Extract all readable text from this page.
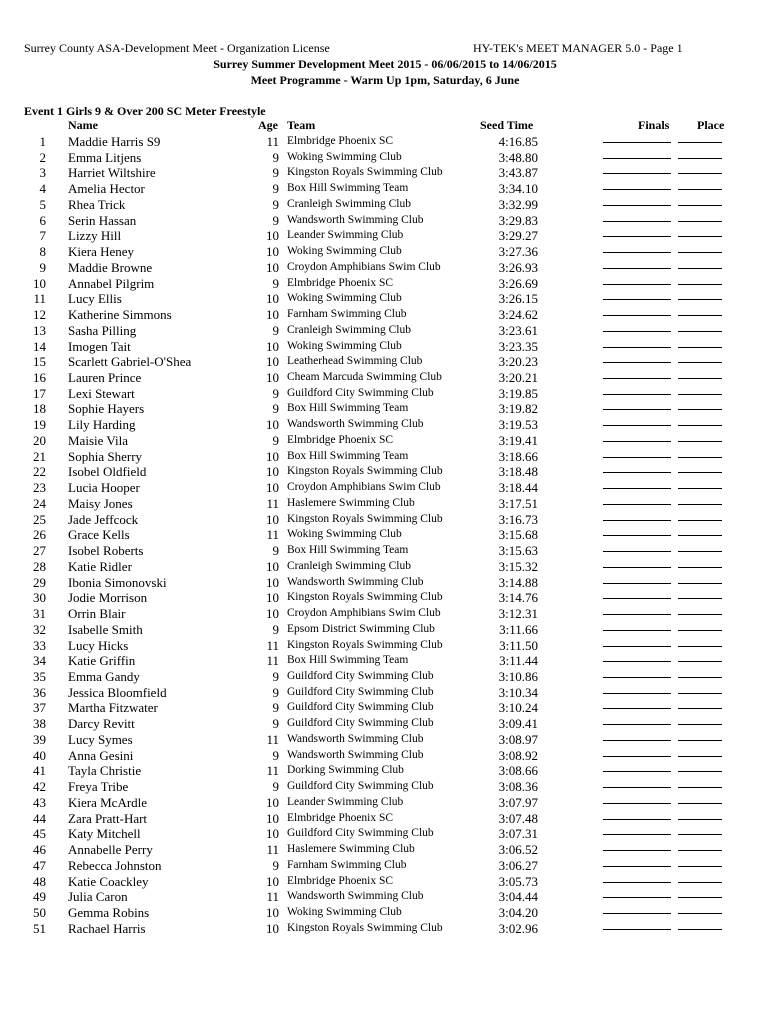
Surrey County ASA-Development Meet - Organization License	HY-TEK's MEET MANAGER 5.0 - Page 1
Surrey Summer Development Meet 2015 - 06/06/2015 to 14/06/2015
Meet Programme - Warm Up 1pm, Saturday, 6 June
Event 1 Girls 9 & Over 200 SC Meter Freestyle
Name	Age Team	Seed Time	Finals Place
1 Maddie Harris S9	11 Elmbridge Phoenix SC	4:16.85
2 Emma Litjens	9 Woking Swimming Club	3:48.80
3 Harriet Wiltshire	9 Kingston Royals Swimming Club	3:43.87
4 Amelia Hector	9 Box Hill Swimming Team	3:34.10
5 Rhea Trick	9 Cranleigh Swimming Club	3:32.99
6 Serin Hassan	9 Wandsworth Swimming Club	3:29.83
7 Lizzy Hill	10 Leander Swimming Club	3:29.27
8 Kiera Heney	10 Woking Swimming Club	3:27.36
9 Maddie Browne	10 Croydon Amphibians Swim Club	3:26.93
10 Annabel Pilgrim	9 Elmbridge Phoenix SC	3:26.69
11 Lucy Ellis	10 Woking Swimming Club	3:26.15
12 Katherine Simmons	10 Farnham Swimming Club	3:24.62
13 Sasha Pilling	9 Cranleigh Swimming Club	3:23.61
14 Imogen Tait	10 Woking Swimming Club	3:23.35
15 Scarlett Gabriel-O'Shea	10 Leatherhead Swimming Club	3:20.23
16 Lauren Prince	10 Cheam Marcuda Swimming Club	3:20.21
17 Lexi Stewart	9 Guildford City Swimming Club	3:19.85
18 Sophie Hayers	9 Box Hill Swimming Team	3:19.82
19 Lily Harding	10 Wandsworth Swimming Club	3:19.53
20 Maisie Vila	9 Elmbridge Phoenix SC	3:19.41
21 Sophia Sherry	10 Box Hill Swimming Team	3:18.66
22 Isobel Oldfield	10 Kingston Royals Swimming Club	3:18.48
23 Lucia Hooper	10 Croydon Amphibians Swim Club	3:18.44
24 Maisy Jones	11 Haslemere Swimming Club	3:17.51
25 Jade Jeffcock	10 Kingston Royals Swimming Club	3:16.73
26 Grace Kells	11 Woking Swimming Club	3:15.68
27 Isobel Roberts	9 Box Hill Swimming Team	3:15.63
28 Katie Ridler	10 Cranleigh Swimming Club	3:15.32
29 Ibonia Simonovski	10 Wandsworth Swimming Club	3:14.88
30 Jodie Morrison	10 Kingston Royals Swimming Club	3:14.76
31 Orrin Blair	10 Croydon Amphibians Swim Club	3:12.31
32 Isabelle Smith	9 Epsom District Swimming Club	3:11.66
33 Lucy Hicks	11 Kingston Royals Swimming Club	3:11.50
34 Katie Griffin	11 Box Hill Swimming Team	3:11.44
35 Emma Gandy	9 Guildford City Swimming Club	3:10.86
36 Jessica Bloomfield	9 Guildford City Swimming Club	3:10.34
37 Martha Fitzwater	9 Guildford City Swimming Club	3:10.24
38 Darcy Revitt	9 Guildford City Swimming Club	3:09.41
39 Lucy Symes	11 Wandsworth Swimming Club	3:08.97
40 Anna Gesini	9 Wandsworth Swimming Club	3:08.92
41 Tayla Christie	11 Dorking Swimming Club	3:08.66
42 Freya Tribe	9 Guildford City Swimming Club	3:08.36
43 Kiera McArdle	10 Leander Swimming Club	3:07.97
44 Zara Pratt-Hart	10 Elmbridge Phoenix SC	3:07.48
45 Katy Mitchell	10 Guildford City Swimming Club	3:07.31
46 Annabelle Perry	11 Haslemere Swimming Club	3:06.52
47 Rebecca Johnston	9 Farnham Swimming Club	3:06.27
48 Katie Coackley	10 Elmbridge Phoenix SC	3:05.73
49 Julia Caron	11 Wandsworth Swimming Club	3:04.44
50 Gemma Robins	10 Woking Swimming Club	3:04.20
51 Rachael Harris	10 Kingston Royals Swimming Club	3:02.96
